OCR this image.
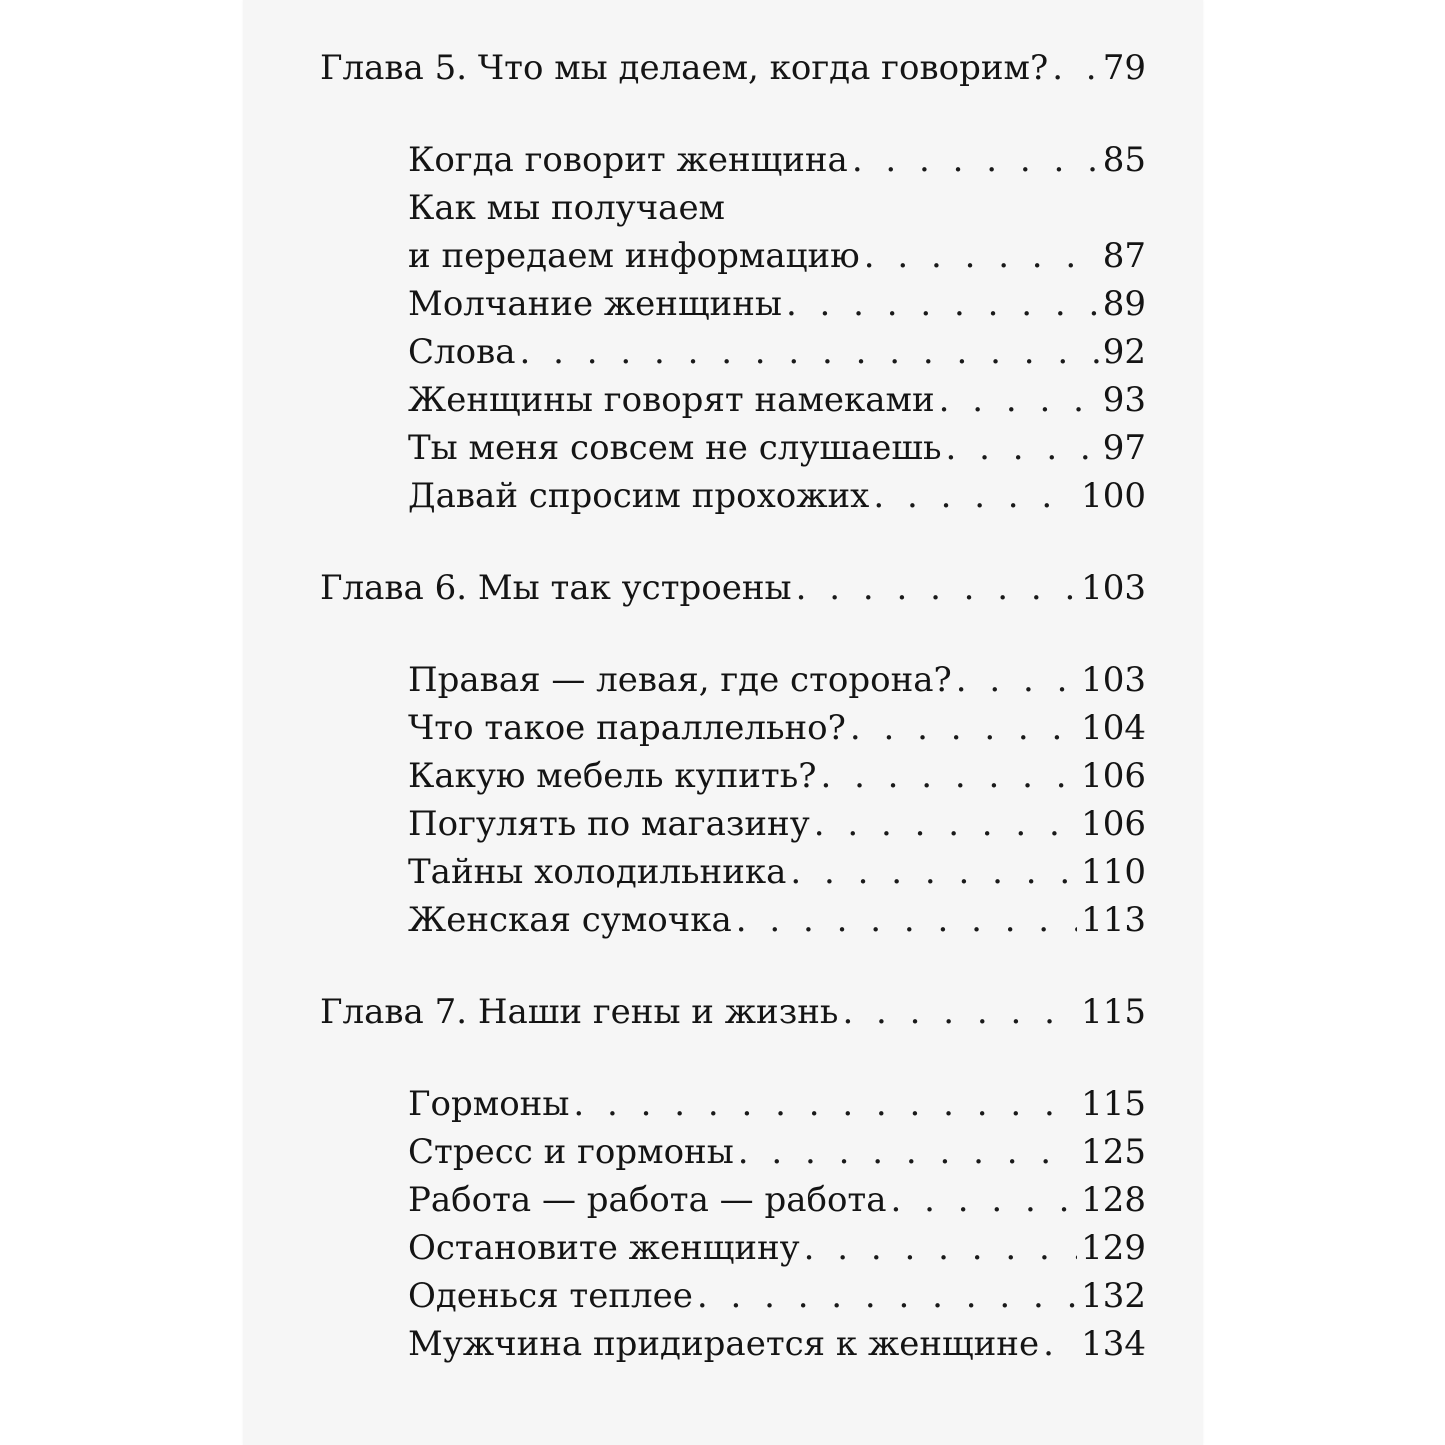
Глава 5. Что мы делаем, когда говорим? . . . 79
Когда говорит женщина . . .	85
Как мы получаем
и передаем информацию . . .	87
Молчание женщины . . .	89
Слова . . .	92
Женщины говорят намеками . . .	93
Ты меня совсем не слушаешь . . .	97
Давай спросим прохожих . . .	100
Глава 6. Мы так устроены . . .	103
Правая — левая, где сторона? . . .	103
Что такое параллельно? . . .	104
Какую мебель купить? . . .	106
Погулять по магазину . . .	106
Тайны холодильника . . .	110
Женская сумочка . . .	113
Глава 7. Наши гены и жизнь . . .	115
Гормоны . . .	115
Стресс и гормоны . . .	125
Работа — работа — работа . . .	128
Остановите женщину . . .	129
Оденься теплее . . .	132
Мужчина придирается к женщине . . . 134
